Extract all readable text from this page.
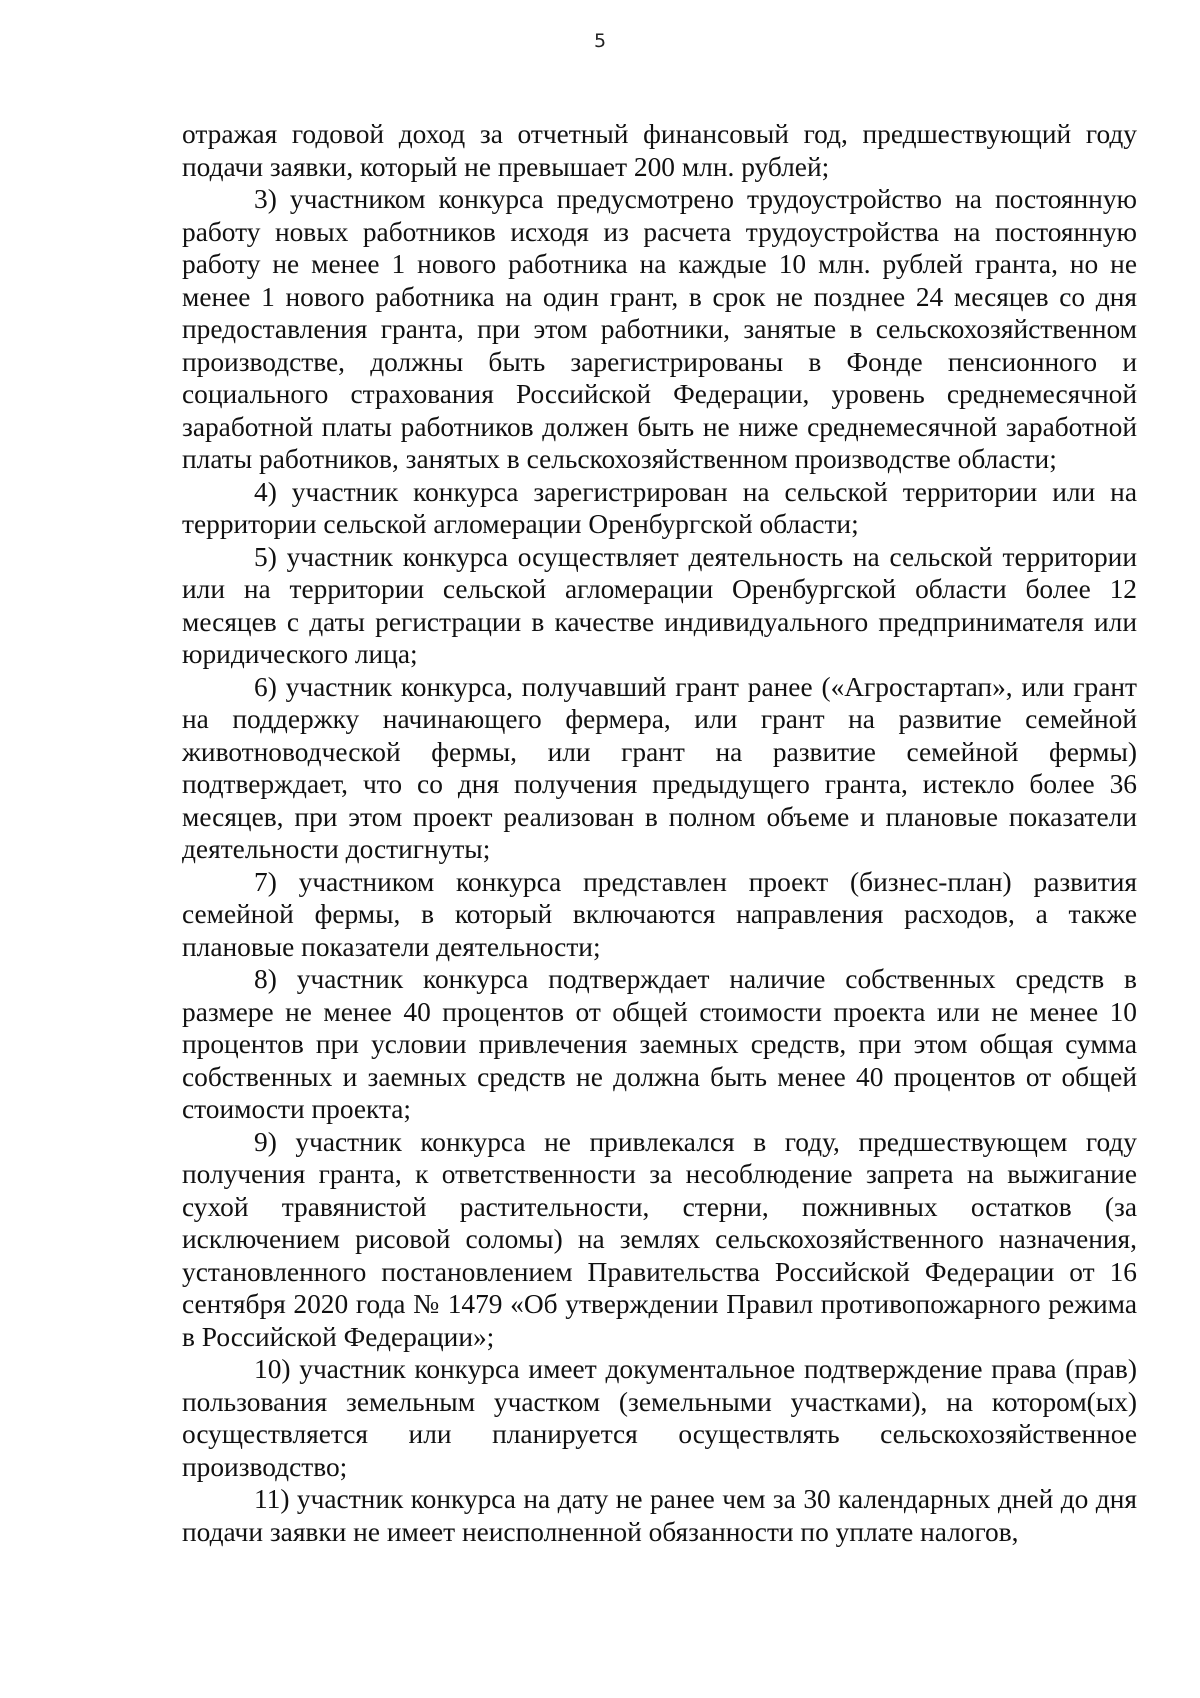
5

отражая годовой доход за отчетный финансовый год, предшествующий году подачи заявки, который не превышает 200 млн. рублей;

3) участником конкурса предусмотрено трудоустройство на постоянную работу новых работников исходя из расчета трудоустройства на постоянную работу не менее 1 нового работника на каждые 10 млн. рублей гранта, но не менее 1 нового работника на один грант, в срок не позднее 24 месяцев со дня предоставления гранта, при этом работники, занятые в сельскохозяйственном производстве, должны быть зарегистрированы в Фонде пенсионного и социального страхования Российской Федерации, уровень среднемесячной заработной платы работников должен быть не ниже среднемесячной заработной платы работников, занятых в сельскохозяйственном производстве области;

4) участник конкурса зарегистрирован на сельской территории или на территории сельской агломерации Оренбургской области;

5) участник конкурса осуществляет деятельность на сельской территории или на территории сельской агломерации Оренбургской области более 12 месяцев с даты регистрации в качестве индивидуального предпринимателя или юридического лица;

6) участник конкурса, получавший грант ранее («Агростартап», или грант на поддержку начинающего фермера, или грант на развитие семейной животноводческой фермы, или грант на развитие семейной фермы) подтверждает, что со дня получения предыдущего гранта, истекло более 36 месяцев, при этом проект реализован в полном объеме и плановые показатели деятельности достигнуты;

7) участником конкурса представлен проект (бизнес-план) развития семейной фермы, в который включаются направления расходов, а также плановые показатели деятельности;

8) участник конкурса подтверждает наличие собственных средств в размере не менее 40 процентов от общей стоимости проекта или не менее 10 процентов при условии привлечения заемных средств, при этом общая сумма собственных и заемных средств не должна быть менее 40 процентов от общей стоимости проекта;

9) участник конкурса не привлекался в году, предшествующем году получения гранта, к ответственности за несоблюдение запрета на выжигание сухой травянистой растительности, стерни, пожнивных остатков (за исключением рисовой соломы) на землях сельскохозяйственного назначения, установленного постановлением Правительства Российской Федерации от 16 сентября 2020 года № 1479 «Об утверждении Правил противопожарного режима в Российской Федерации»;

10) участник конкурса имеет документальное подтверждение права (прав) пользования земельным участком (земельными участками), на котором(ых) осуществляется или планируется осуществлять сельскохозяйственное производство;

11) участник конкурса на дату не ранее чем за 30 календарных дней до дня подачи заявки не имеет неисполненной обязанности по уплате налогов,
